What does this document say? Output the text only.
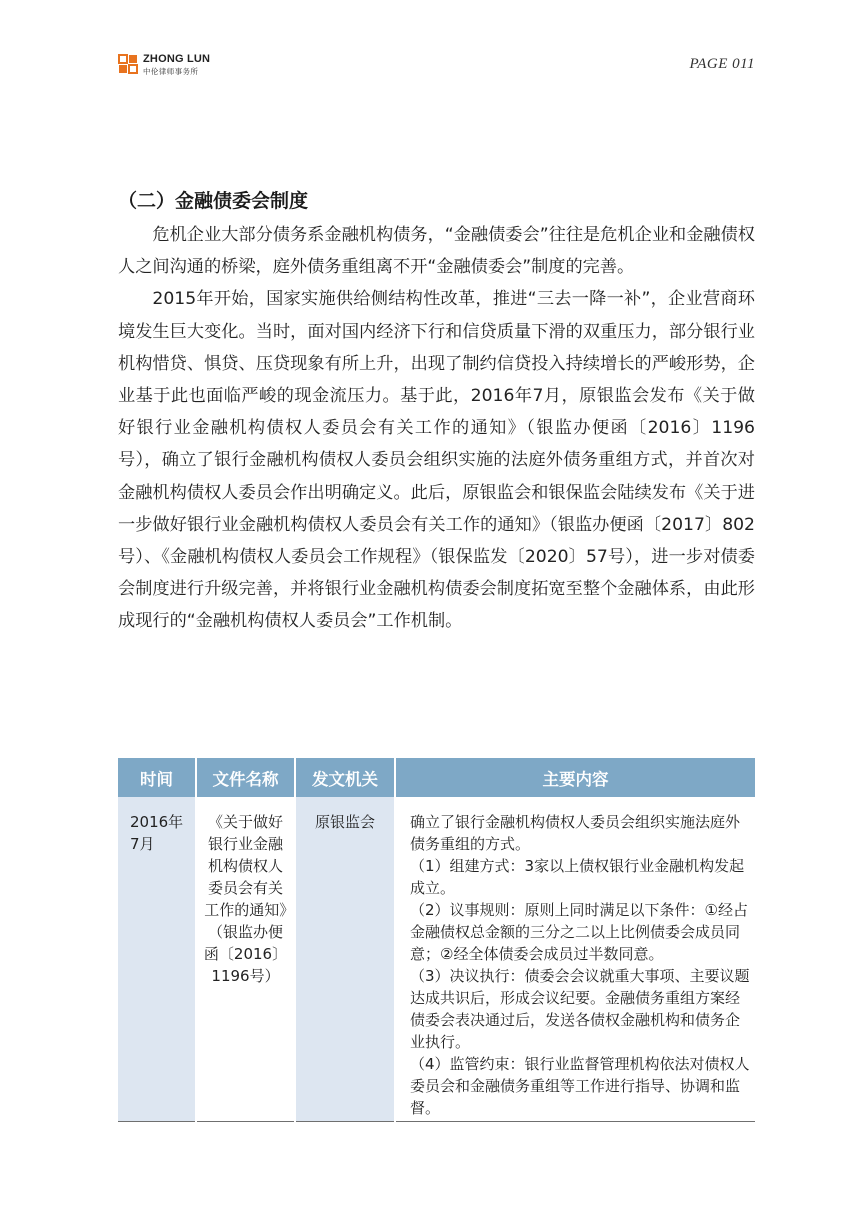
ZHONG LUN
中伦律师事务所	PAGE 011
（二）金融债委会制度

危机企业大部分债务系金融机构债务，“金融债委会”往往是危机企业和金融债权人之间沟通的桥梁，庭外债务重组离不开“金融债委会”制度的完善。

2015年开始，国家实施供给侧结构性改革，推进“三去一降一补”，企业营商环境发生巨大变化。当时，面对国内经济下行和信贷质量下滑的双重压力，部分银行业机构惜贷、惧贷、压贷现象有所上升，出现了制约信贷投入持续增长的严峻形势，企业基于此也面临严峻的现金流压力。基于此，2016年7月，原银监会发布《关于做好银行业金融机构债权人委员会有关工作的通知》（银监办便函〔2016〕1196号），确立了银行金融机构债权人委员会组织实施的法庭外债务重组方式，并首次对金融机构债权人委员会作出明确定义。此后，原银监会和银保监会陆续发布《关于进一步做好银行业金融机构债权人委员会有关工作的通知》（银监办便函〔2017〕802号）、《金融机构债权人委员会工作规程》（银保监发〔2020〕57号），进一步对债委会制度进行升级完善，并将银行业金融机构债委会制度拓宽至整个金融体系，由此形成现行的“金融机构债权人委员会”工作机制。

时间	文件名称	发文机关	主要内容
2016年7月	《关于做好银行业金融机构债权人委员会有关工作的通知》（银监办便函〔2016〕1196号）	原银监会	确立了银行金融机构债权人委员会组织实施法庭外债务重组的方式。
（1）组建方式：3家以上债权银行业金融机构发起成立。
（2）议事规则：原则上同时满足以下条件：①经占金融债权总金额的三分之二以上比例债委会成员同意；②经全体债委会成员过半数同意。
（3）决议执行：债委会会议就重大事项、主要议题达成共识后，形成会议纪要。金融债务重组方案经债委会表决通过后，发送各债权金融机构和债务企业执行。
（4）监管约束：银行业监督管理机构依法对债权人委员会和金融债务重组等工作进行指导、协调和监督。
